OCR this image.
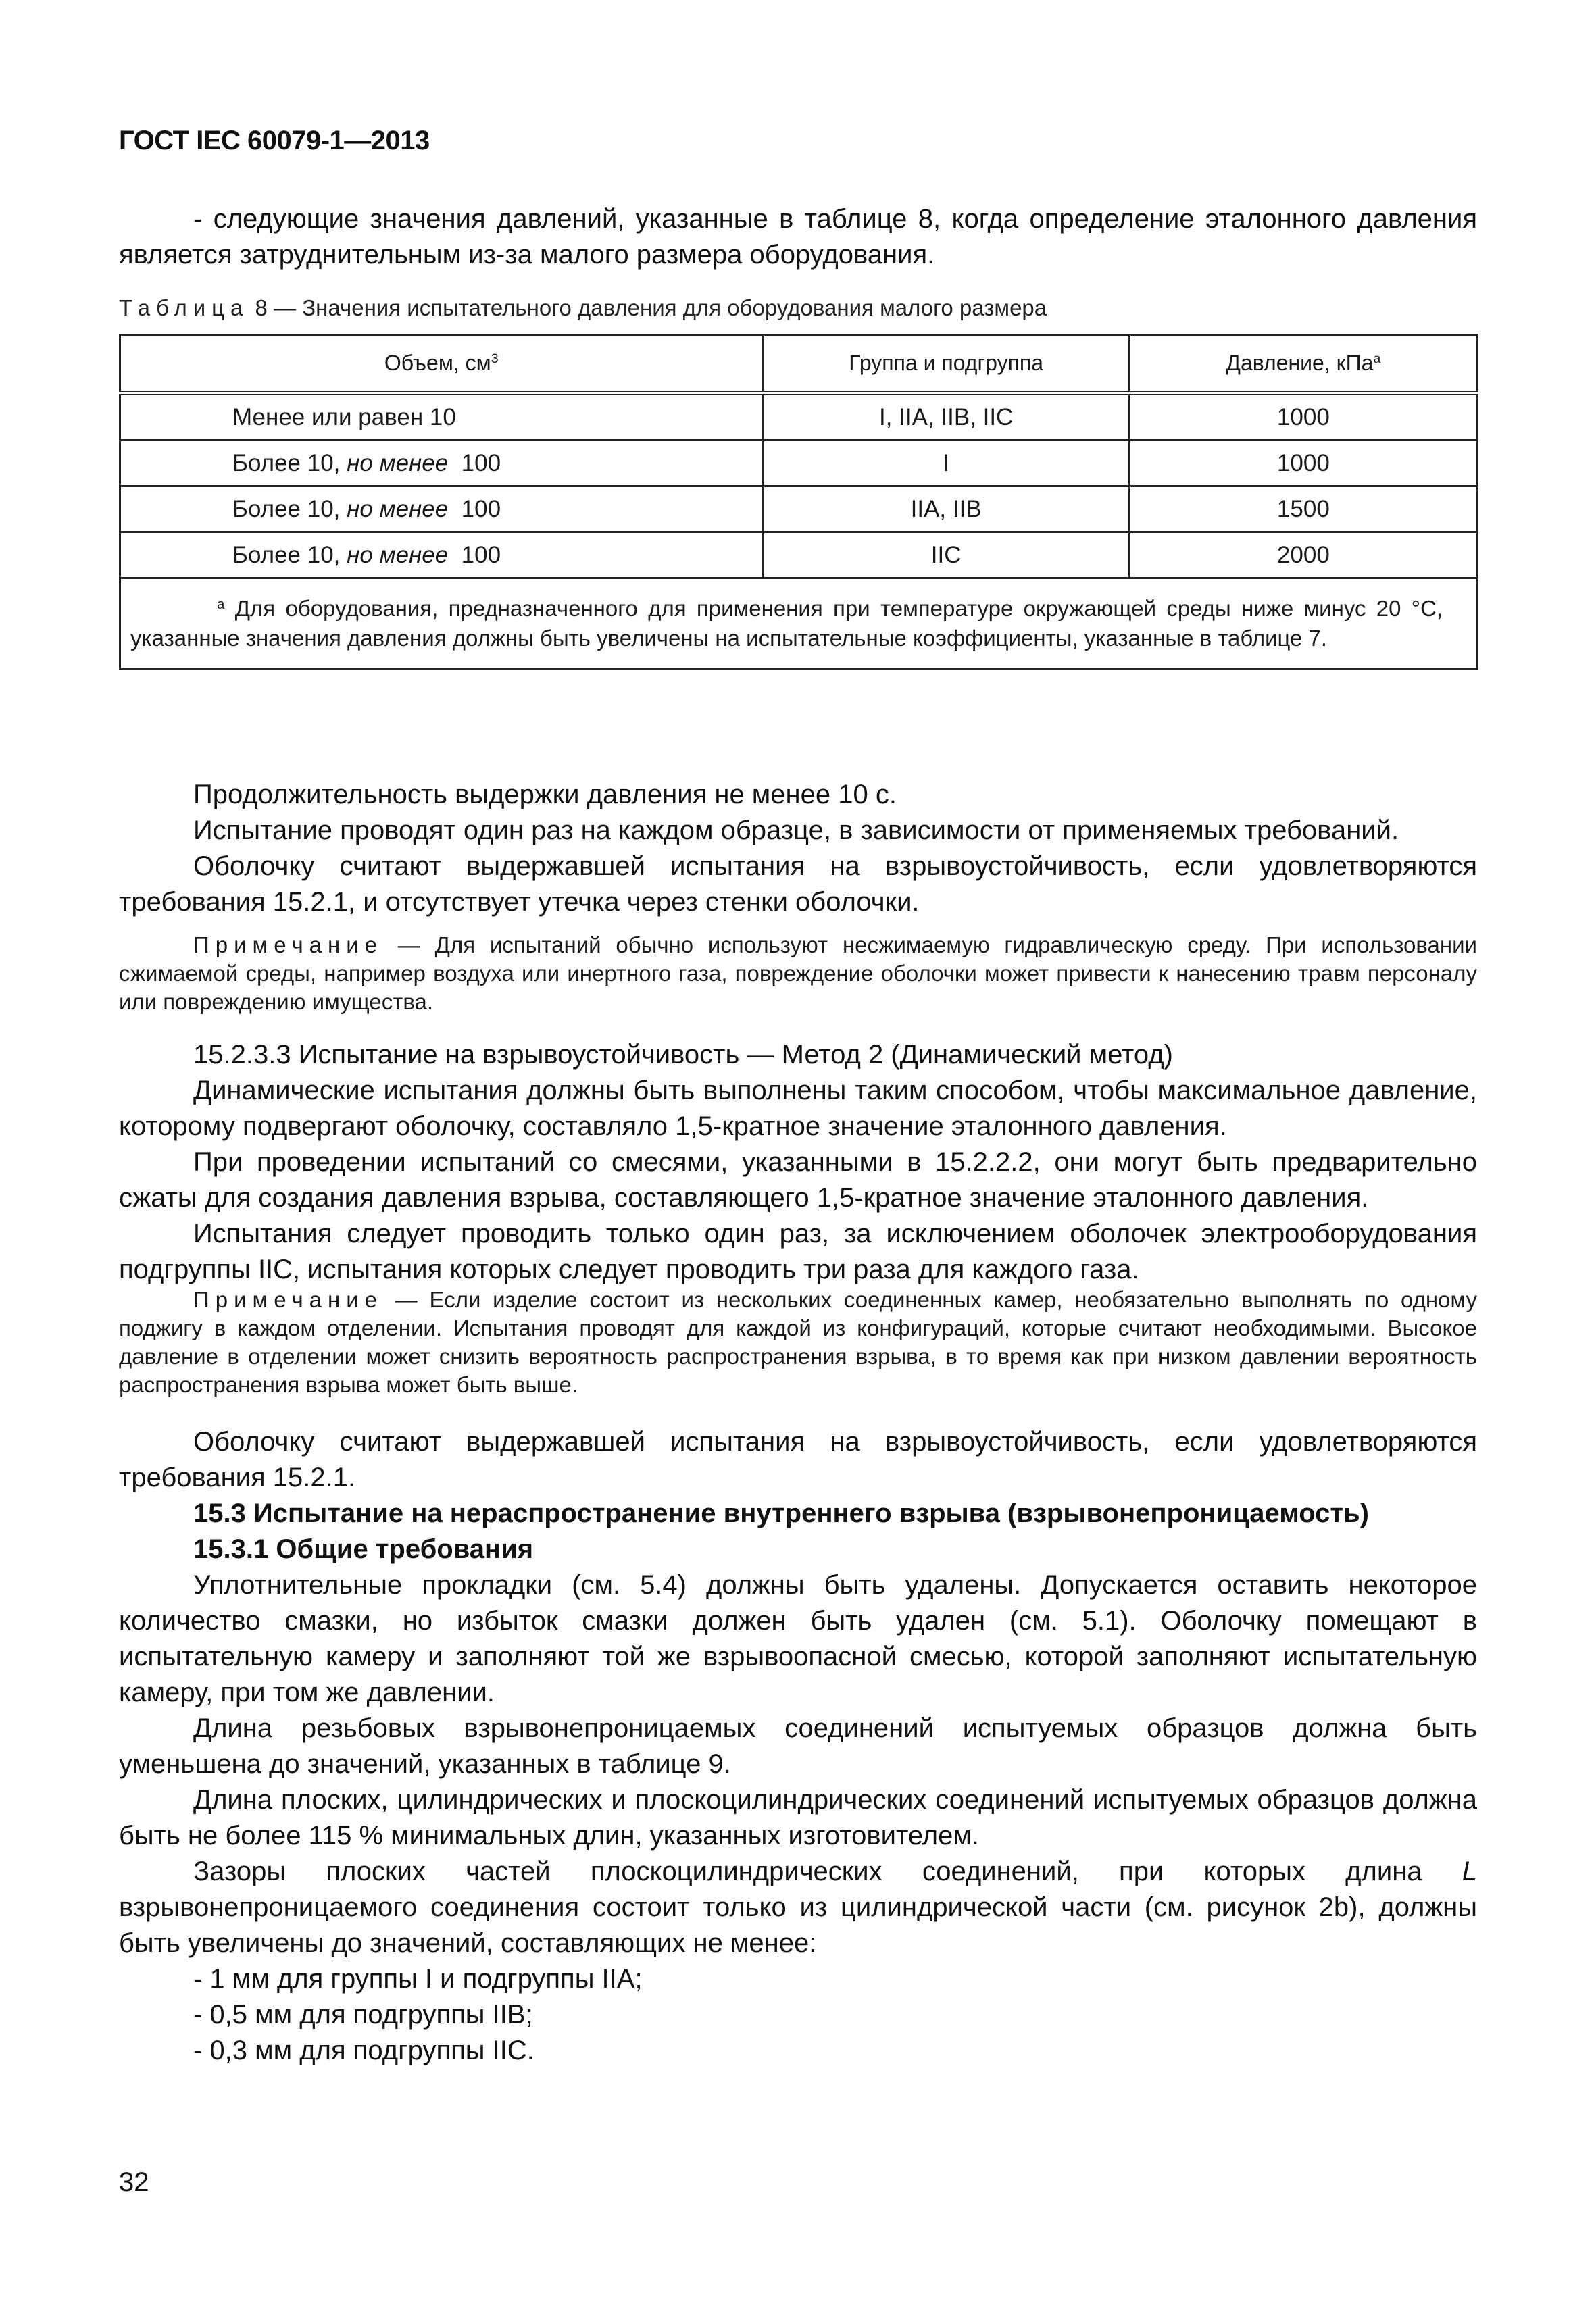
ГОСТ IEC 60079-1—2013

- следующие значения давлений, указанные в таблице 8, когда определение эталонного давления является затруднительным из-за малого размера оборудования.

Таблица 8 — Значения испытательного давления для оборудования малого размера
Объем, $см^3$	Группа и подгруппа	Давление, кПа$^a$
Менее или равен 10	I, IIA, IIB, IIC	1000
Более 10, но менее  100	I	1000
Более 10, но менее  100	IIA, IIB	1500
Более 10, но менее  100	IIC	2000
$^a$ Для оборудования, предназначенного для применения при температуре окружающей среды ниже минус 20 °С, указанные значения давления должны быть увеличены на испытательные коэффициенты, указанные в таблице 7.		

Продолжительность выдержки давления не менее 10 с.

Испытание проводят один раз на каждом образце, в зависимости от применяемых требований.

Оболочку считают выдержавшей испытания на взрывоустойчивость, если удовлетворяются требования 15.2.1, и отсутствует утечка через стенки оболочки.

Примечание — Для испытаний обычно используют несжимаемую гидравлическую среду. При использовании сжимаемой среды, например воздуха или инертного газа, повреждение оболочки может привести к нанесению травм персоналу или повреждению имущества.

15.2.3.3 Испытание на взрывоустойчивость — Метод 2 (Динамический метод)

Динамические испытания должны быть выполнены таким способом, чтобы максимальное давление, которому подвергают оболочку, составляло 1,5-кратное значение эталонного давления.

При проведении испытаний со смесями, указанными в 15.2.2.2, они могут быть предварительно сжаты для создания давления взрыва, составляющего 1,5-кратное значение эталонного давления.

Испытания следует проводить только один раз, за исключением оболочек электрооборудования подгруппы IIC, испытания которых следует проводить три раза для каждого газа.

Примечание — Если изделие состоит из нескольких соединенных камер, необязательно выполнять по одному поджигу в каждом отделении. Испытания проводят для каждой из конфигураций, которые считают необходимыми. Высокое давление в отделении может снизить вероятность распространения взрыва, в то время как при низком давлении вероятность распространения взрыва может быть выше.

Оболочку считают выдержавшей испытания на взрывоустойчивость, если удовлетворяются требования 15.2.1.

15.3 Испытание на нераспространение внутреннего взрыва (взрывонепроницаемость)

15.3.1 Общие требования

Уплотнительные прокладки (см. 5.4) должны быть удалены. Допускается оставить некоторое количество смазки, но избыток смазки должен быть удален (см. 5.1). Оболочку помещают в испытательную камеру и заполняют той же взрывоопасной смесью, которой заполняют испытательную камеру, при том же давлении.

Длина резьбовых взрывонепроницаемых соединений испытуемых образцов должна быть уменьшена до значений, указанных в таблице 9.

Длина плоских, цилиндрических и плоскоцилиндрических соединений испытуемых образцов должна быть не более 115 % минимальных длин, указанных изготовителем.

Зазоры плоских частей плоскоцилиндрических соединений, при которых длина L взрывонепроницаемого соединения состоит только из цилиндрической части (см. рисунок 2b), должны быть увеличены до значений, составляющих не менее:

- 1 мм для группы I и подгруппы IIA;

- 0,5 мм для подгруппы IIB;

- 0,3 мм для подгруппы IIC.

32
